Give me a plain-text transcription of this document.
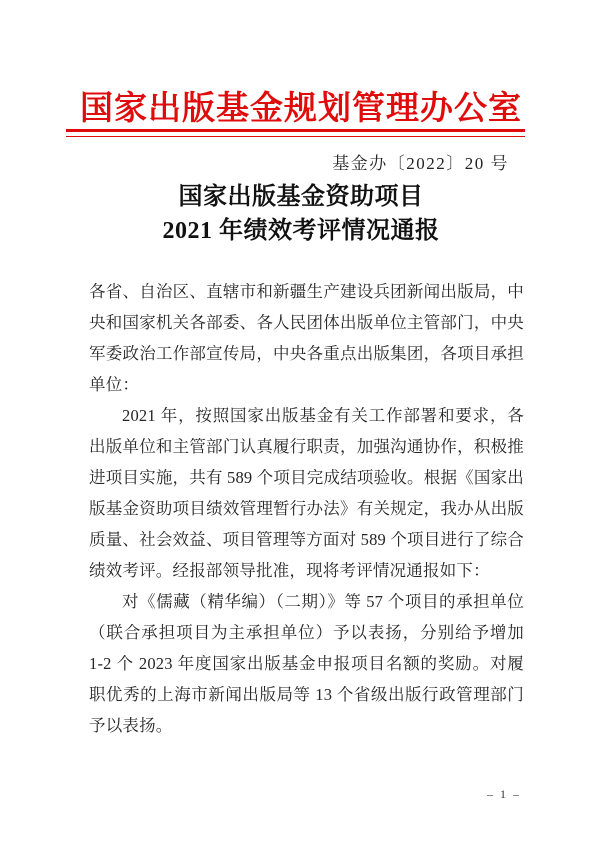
国家出版基金规划管理办公室
基金办〔2022〕20 号
国家出版基金资助项目
2021 年绩效考评情况通报

各省、自治区、直辖市和新疆生产建设兵团新闻出版局，中央和国家机关各部委、各人民团体出版单位主管部门，中央军委政治工作部宣传局，中央各重点出版集团，各项目承担单位：

2021 年，按照国家出版基金有关工作部署和要求，各出版单位和主管部门认真履行职责，加强沟通协作，积极推进项目实施，共有 589 个项目完成结项验收。根据《国家出版基金资助项目绩效管理暂行办法》有关规定，我办从出版质量、社会效益、项目管理等方面对 589 个项目进行了综合绩效考评。经报部领导批准，现将考评情况通报如下：

对《儒藏（精华编）（二期）》等 57 个项目的承担单位（联合承担项目为主承担单位）予以表扬，分别给予增加 1-2 个 2023 年度国家出版基金申报项目名额的奖励。对履职优秀的上海市新闻出版局等 13 个省级出版行政管理部门予以表扬。

– 1 –
